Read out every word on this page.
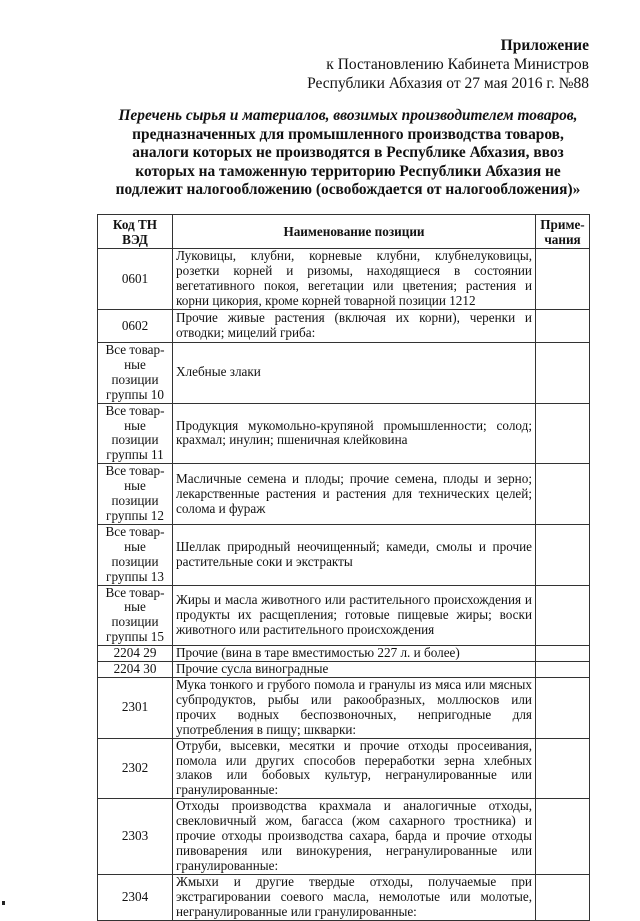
Приложение
к Постановлению Кабинета Министров
Республики Абхазия от 27 мая 2016 г. №88
Перечень сырья и материалов, ввозимых производителем товаров, предназначенных для промышленного производства товаров, аналоги которых не производятся в Республике Абхазия, ввоз которых на таможенную территорию Республики Абхазия не подлежит налогообложению (освобождается от налогообложения)»
Код ТН ВЭД	Наименование позиции	Приме-чания
0601	Луковицы, клубни, корневые клубни, клубнелуковицы, розетки корней и ризомы, находящиеся в состоянии вегетативного покоя, вегетации или цветения; растения и корни цикория, кроме корней товарной позиции 1212	
0602	Прочие живые растения (включая их корни), черенки и отводки; мицелий гриба:	
Все товар-ные позиции группы 10	Хлебные злаки	
Все товар-ные позиции группы 11	Продукция мукомольно-крупяной промышленности; солод; крахмал; инулин; пшеничная клейковина	
Все товар-ные позиции группы 12	Масличные семена и плоды; прочие семена, плоды и зерно; лекарственные растения и растения для технических целей; солома и фураж	
Все товар-ные позиции группы 13	Шеллак природный неочищенный; камеди, смолы и прочие растительные соки и экстракты	
Все товар-ные позиции группы 15	Жиры и масла животного или растительного происхождения и продукты их расщепления; готовые пищевые жиры; воски животного или растительного происхождения	
2204 29	Прочие (вина в таре вместимостью 227 л. и более)	
2204 30	Прочие сусла виноградные	
2301	Мука тонкого и грубого помола и гранулы из мяса или мясных субпродуктов, рыбы или ракообразных, моллюсков или прочих водных беспозвоночных, непригодные для употребления в пищу; шкварки:	
2302	Отруби, высевки, месятки и прочие отходы просеивания, помола или других способов переработки зерна хлебных злаков или бобовых культур, негранулированные или гранулированные:	
2303	Отходы производства крахмала и аналогичные отходы, свекловичный жом, багасса (жом сахарного тростника) и прочие отходы производства сахара, барда и прочие отходы пивоварения или винокурения, негранулированные или гранулированные:	
2304	Жмыхи и другие твердые отходы, получаемые при экстрагировании соевого масла, немолотые или молотые, негранулированные или гранулированные:	
